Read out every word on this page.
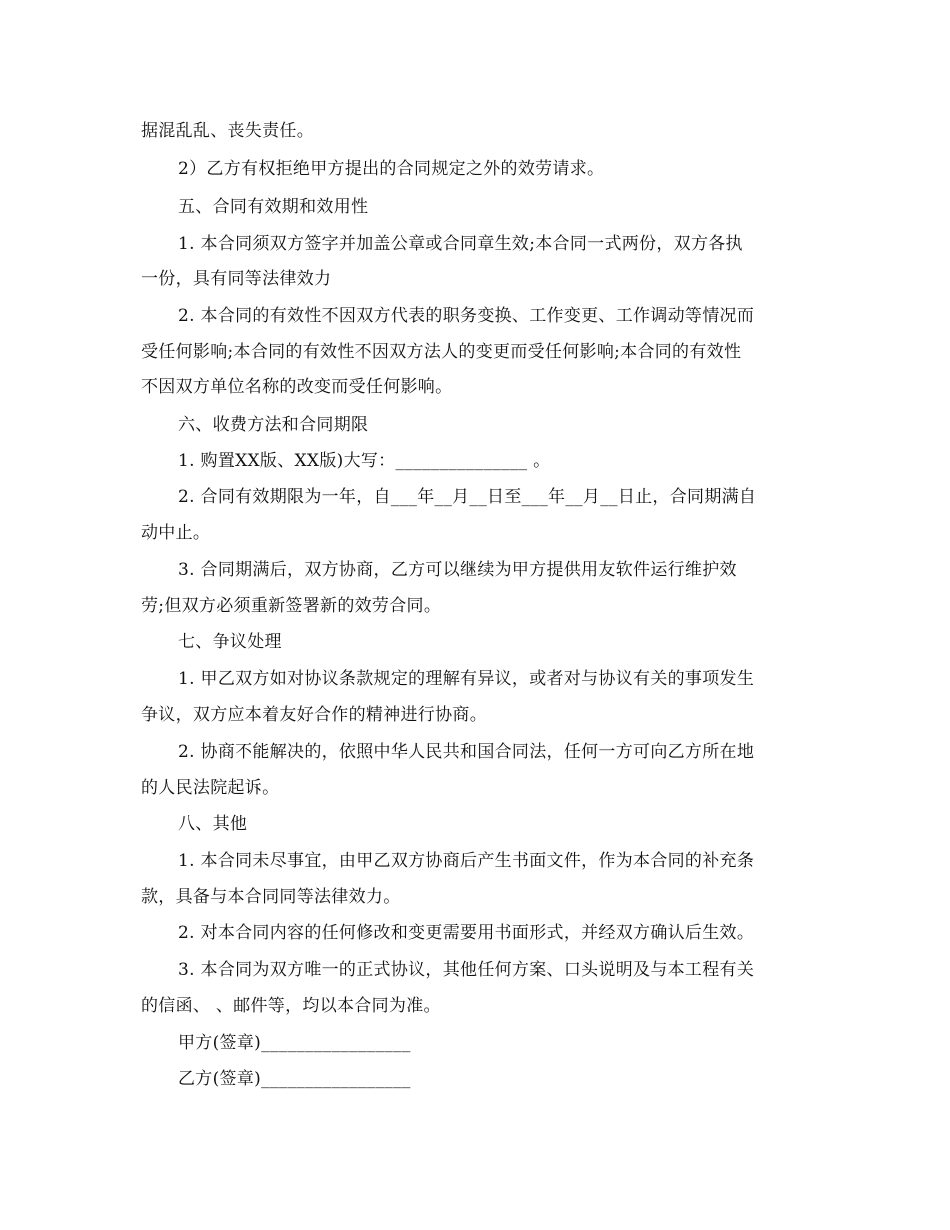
据混乱乱、丧失责任。
2）乙方有权拒绝甲方提出的合同规定之外的效劳请求。
五、合同有效期和效用性
1. 本合同须双方签字并加盖公章或合同章生效;本合同一式两份，双方各执
一份，具有同等法律效力
2. 本合同的有效性不因双方代表的职务变换、工作变更、工作调动等情况而
受任何影响;本合同的有效性不因双方法人的变更而受任何影响;本合同的有效性
不因双方单位名称的改变而受任何影响。
六、收费方法和合同期限
1. 购置XX版、XX版)大写：_______________ 。
2. 合同有效期限为一年，自___年__月__日至___年__月__日止，合同期满自
动中止。
3. 合同期满后，双方协商，乙方可以继续为甲方提供用友软件运行维护效
劳;但双方必须重新签署新的效劳合同。
七、争议处理
1. 甲乙双方如对协议条款规定的理解有异议，或者对与协议有关的事项发生
争议，双方应本着友好合作的精神进行协商。
2. 协商不能解决的，依照中华人民共和国合同法，任何一方可向乙方所在地
的人民法院起诉。
八、其他
1. 本合同未尽事宜，由甲乙双方协商后产生书面文件，作为本合同的补充条
款，具备与本合同同等法律效力。
2. 对本合同内容的任何修改和变更需要用书面形式，并经双方确认后生效。
3. 本合同为双方唯一的正式协议，其他任何方案、口头说明及与本工程有关
的信函、 、邮件等，均以本合同为准。
甲方(签章)_________________
乙方(签章)_________________
